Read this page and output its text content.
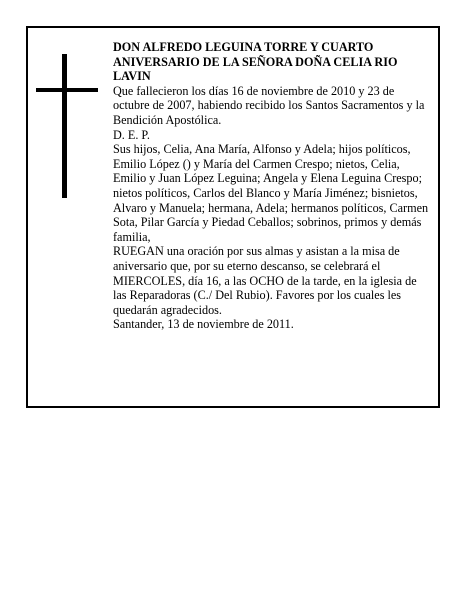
DON ALFREDO LEGUINA TORRE Y CUARTO ANIVERSARIO DE LA SEÑORA DOÑA CELIA RIO LAVIN

Que fallecieron los días 16 de noviembre de 2010 y 23 de octubre de 2007, habiendo recibido los Santos Sacramentos y la Bendición Apostólica.

D. E. P.

Sus hijos, Celia, Ana María, Alfonso y Adela; hijos políticos, Emilio López () y María del Carmen Crespo; nietos, Celia, Emilio y Juan López Leguina; Angela y Elena Leguina Crespo; nietos políticos, Carlos del Blanco y María Jiménez; bisnietos, Alvaro y Manuela; hermana, Adela; hermanos políticos, Carmen Sota, Pilar García y Piedad Ceballos; sobrinos, primos y demás familia,

RUEGAN una oración por sus almas y asistan a la misa de aniversario que, por su eterno descanso, se celebrará el MIERCOLES, día 16, a las OCHO de la tarde, en la iglesia de las Reparadoras (C./ Del Rubio). Favores por los cuales les quedarán agradecidos.

Santander, 13 de noviembre de 2011.
